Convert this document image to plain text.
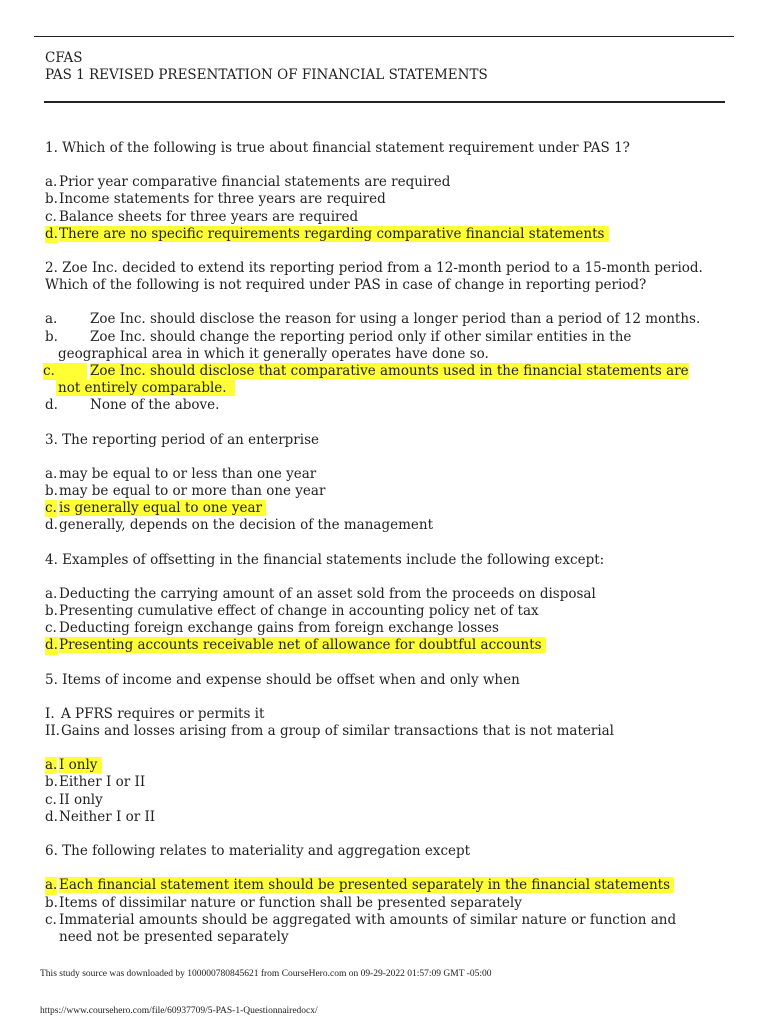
CFAS
PAS 1 REVISED PRESENTATION OF FINANCIAL STATEMENTS

1. Which of the following is true about financial statement requirement under PAS 1?

a. Prior year comparative financial statements are required

b. Income statements for three years are required

c. Balance sheets for three years are required

d. There are no specific requirements regarding comparative financial statements

2. Zoe Inc. decided to extend its reporting period from a 12-month period to a 15-month period.

Which of the following is not required under PAS in case of change in reporting period?

a. Zoe Inc. should disclose the reason for using a longer period than a period of 12 months.

b. Zoe Inc. should change the reporting period only if other similar entities in the
geographical area in which it generally operates have done so.

c.	Zoe Inc. should disclose that comparative amounts used in the financial statements are
not entirely comparable.

d. None of the above.

3. The reporting period of an enterprise

a. may be equal to or less than one year

b. may be equal to or more than one year

c. is generally equal to one year

d. generally, depends on the decision of the management

4. Examples of offsetting in the financial statements include the following except:

a. Deducting the carrying amount of an asset sold from the proceeds on disposal

b. Presenting cumulative effect of change in accounting policy net of tax

c. Deducting foreign exchange gains from foreign exchange losses

d. Presenting accounts receivable net of allowance for doubtful accounts

5. Items of income and expense should be offset when and only when

I. A PFRS requires or permits it

II. Gains and losses arising from a group of similar transactions that is not material

a. I only

b. Either I or II

c. II only

d. Neither I or II

6. The following relates to materiality and aggregation except

a. Each financial statement item should be presented separately in the financial statements

b. Items of dissimilar nature or function shall be presented separately

c. Immaterial amounts should be aggregated with amounts of similar nature or function and
need not be presented separately

This study source was downloaded by 100000780845621 from CourseHero.com on 09-29-2022 01:57:09 GMT -05:00
https://www.coursehero.com/file/60937709/5-PAS-1-Questionnairedocx/
